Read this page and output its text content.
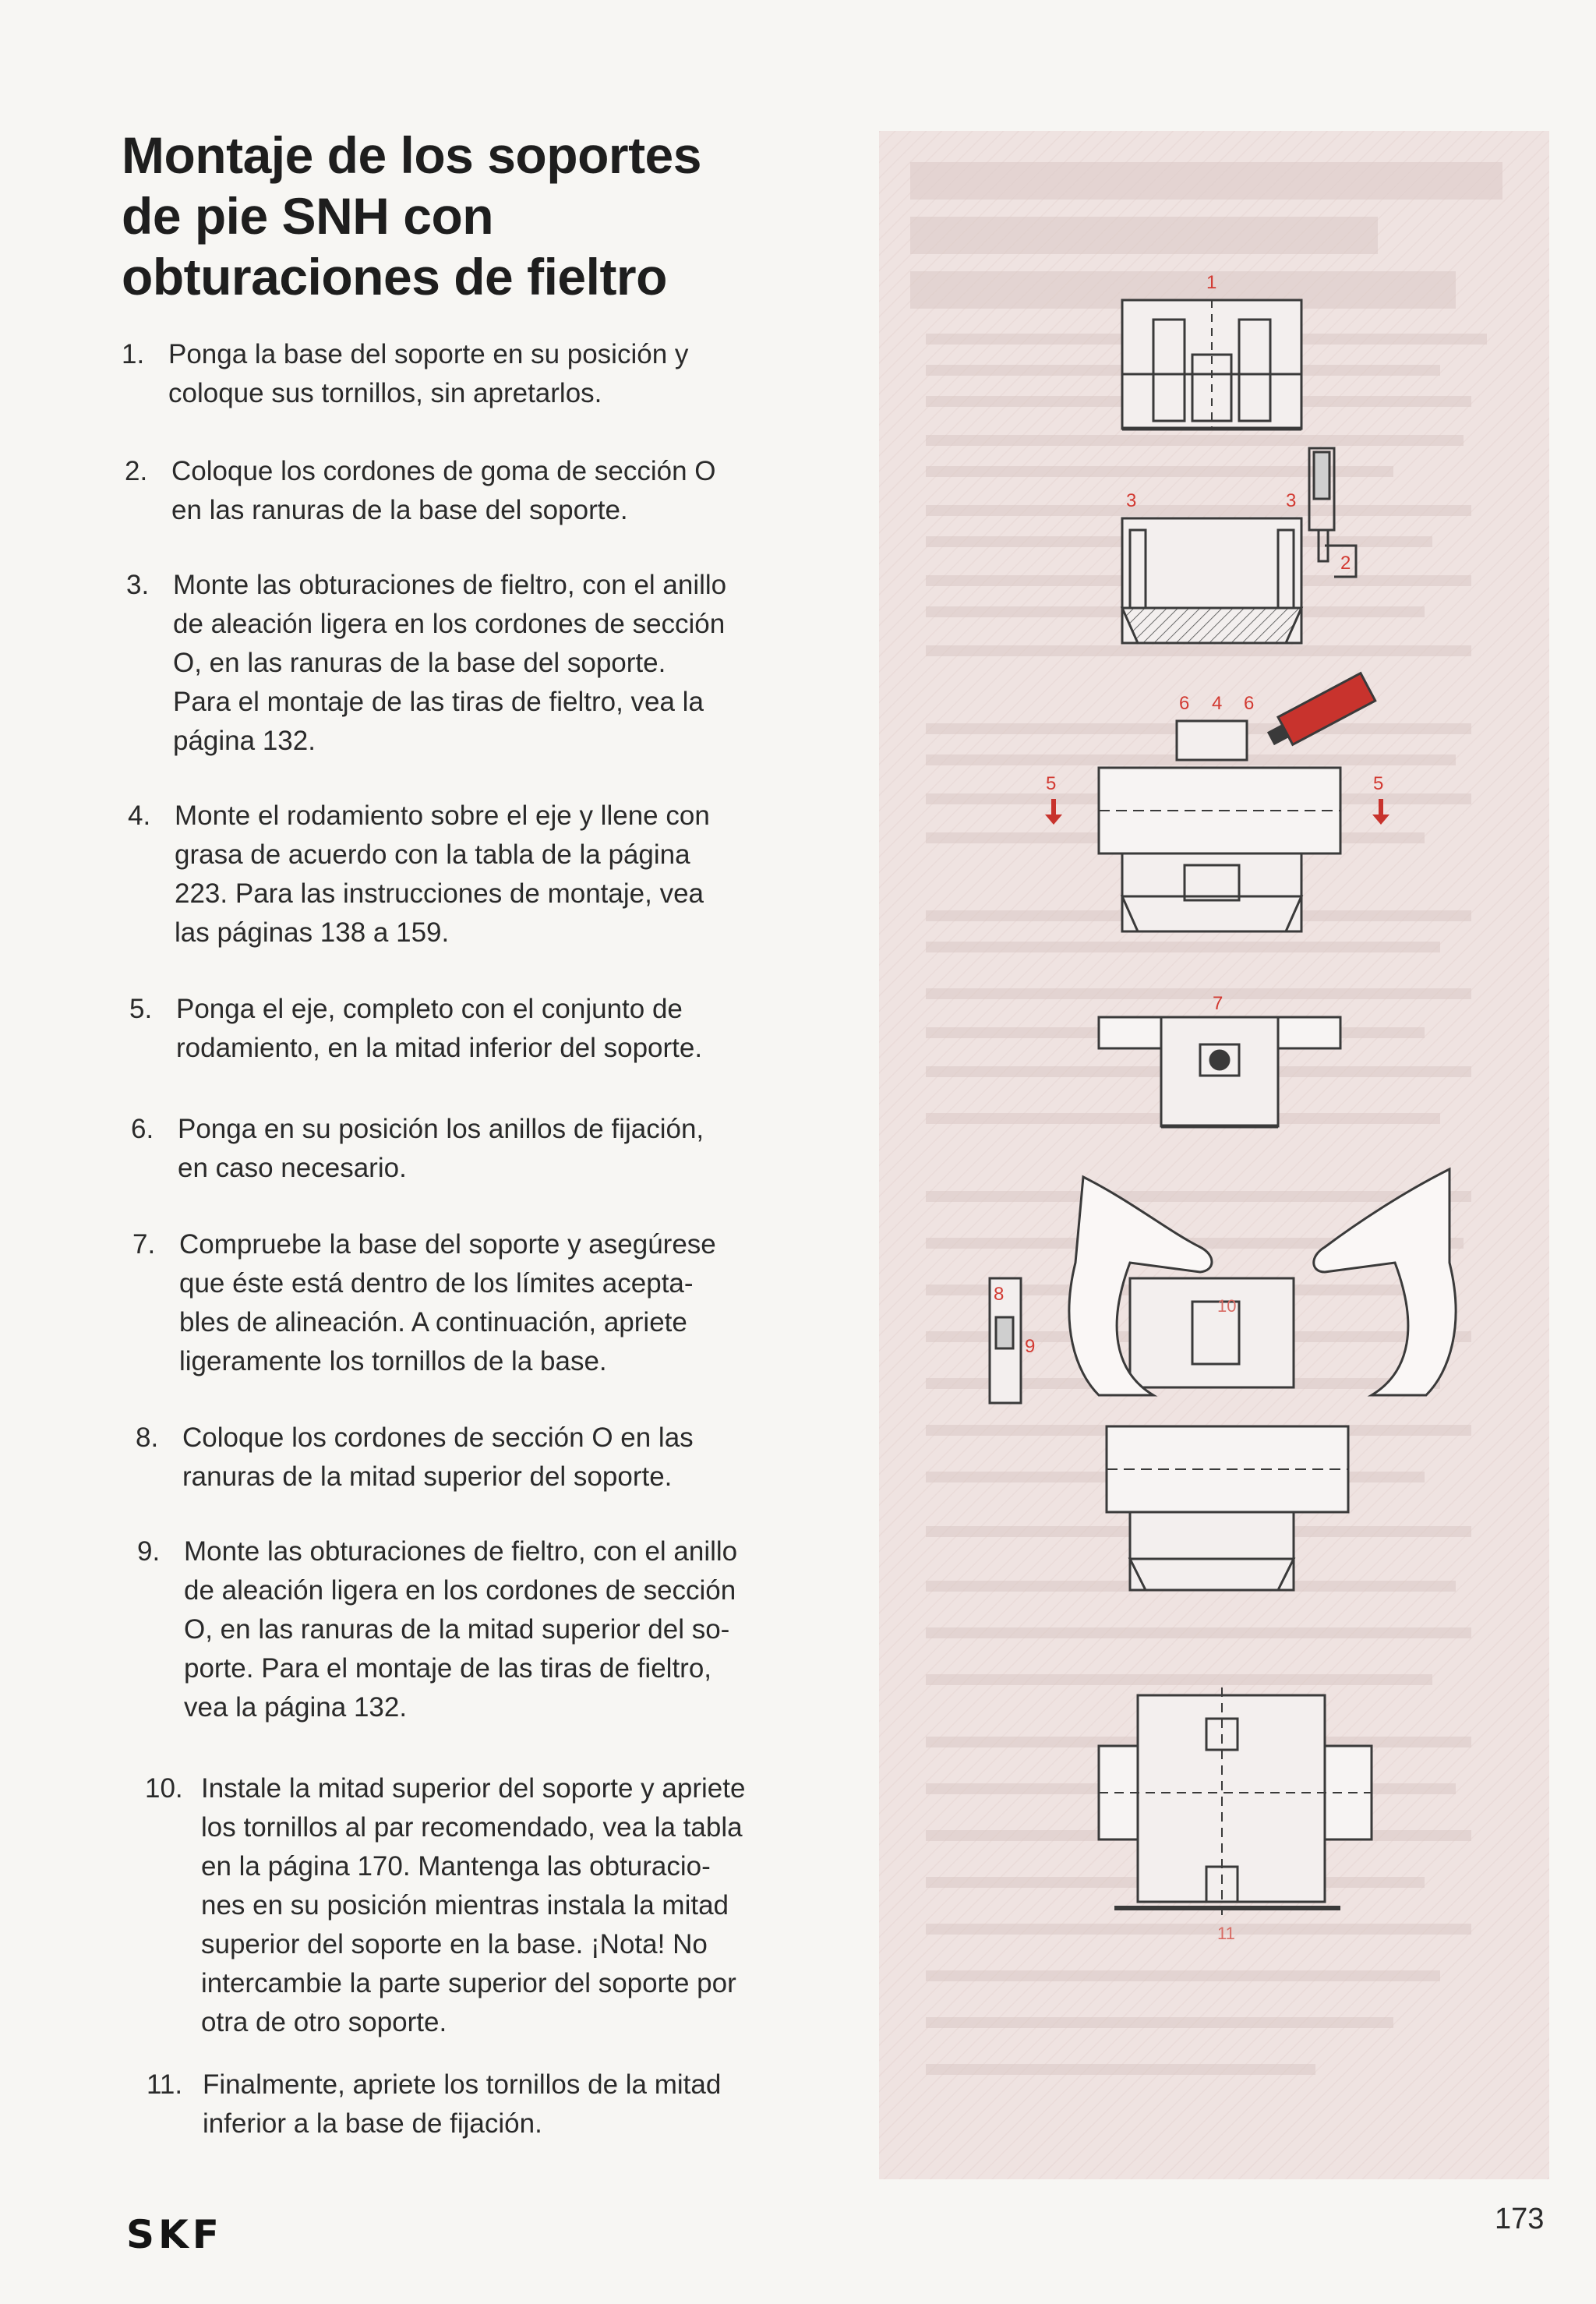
Montaje de los soportes
de pie SNH con
obturaciones de fieltro
1. Ponga la base del soporte en su posición y
coloque sus tornillos, sin apretarlos.
2. Coloque los cordones de goma de sección O
en las ranuras de la base del soporte.
3. Monte las obturaciones de fieltro, con el anillo
de aleación ligera en los cordones de sección
O, en las ranuras de la base del soporte.
Para el montaje de las tiras de fieltro, vea la
página 132.
4. Monte el rodamiento sobre el eje y llene con
grasa de acuerdo con la tabla de la página
223. Para las instrucciones de montaje, vea
las páginas 138 a 159.
5. Ponga el eje, completo con el conjunto de
rodamiento, en la mitad inferior del soporte.
6. Ponga en su posición los anillos de fijación,
en caso necesario.
7. Compruebe la base del soporte y asegúrese
que éste está dentro de los límites acepta-
bles de alineación. A continuación, apriete
ligeramente los tornillos de la base.
8. Coloque los cordones de sección O en las
ranuras de la mitad superior del soporte.
9. Monte las obturaciones de fieltro, con el anillo
de aleación ligera en los cordones de sección
O, en las ranuras de la mitad superior del so-
porte. Para el montaje de las tiras de fieltro,
vea la página 132.
10. Instale la mitad superior del soporte y apriete
los tornillos al par recomendado, vea la tabla
en la página 170. Mantenga las obturacio-
nes en su posición mientras instala la mitad
superior del soporte en la base. ¡Nota! No
intercambie la parte superior del soporte por
otra de otro soporte.
11. Finalmente, apriete los tornillos de la mitad
inferior a la base de fijación.
1
3	3
2
6 4 6
5	5
7
8
9
10
11
SKF	173
